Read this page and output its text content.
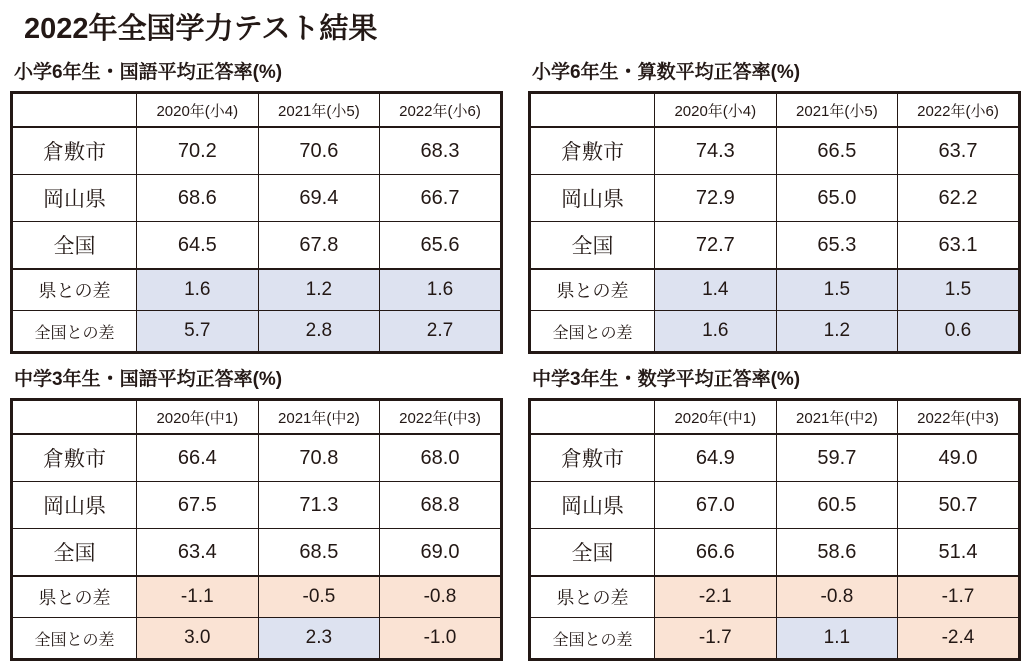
2022年全国学力テスト結果
小学6年生・国語平均正答率(%)
	2020年(小4)	2021年(小5)	2022年(小6)
倉敷市	70.2	70.6	68.3
岡山県	68.6	69.4	66.7
全国	64.5	67.8	65.6
県との差	1.6	1.2	1.6
全国との差	5.7	2.8	2.7
小学6年生・算数平均正答率(%)
	2020年(小4)	2021年(小5)	2022年(小6)
倉敷市	74.3	66.5	63.7
岡山県	72.9	65.0	62.2
全国	72.7	65.3	63.1
県との差	1.4	1.5	1.5
全国との差	1.6	1.2	0.6
中学3年生・国語平均正答率(%)
	2020年(中1)	2021年(中2)	2022年(中3)
倉敷市	66.4	70.8	68.0
岡山県	67.5	71.3	68.8
全国	63.4	68.5	69.0
県との差	-1.1	-0.5	-0.8
全国との差	3.0	2.3	-1.0
中学3年生・数学平均正答率(%)
	2020年(中1)	2021年(中2)	2022年(中3)
倉敷市	64.9	59.7	49.0
岡山県	67.0	60.5	50.7
全国	66.6	58.6	51.4
県との差	-2.1	-0.8	-1.7
全国との差	-1.7	1.1	-2.4
